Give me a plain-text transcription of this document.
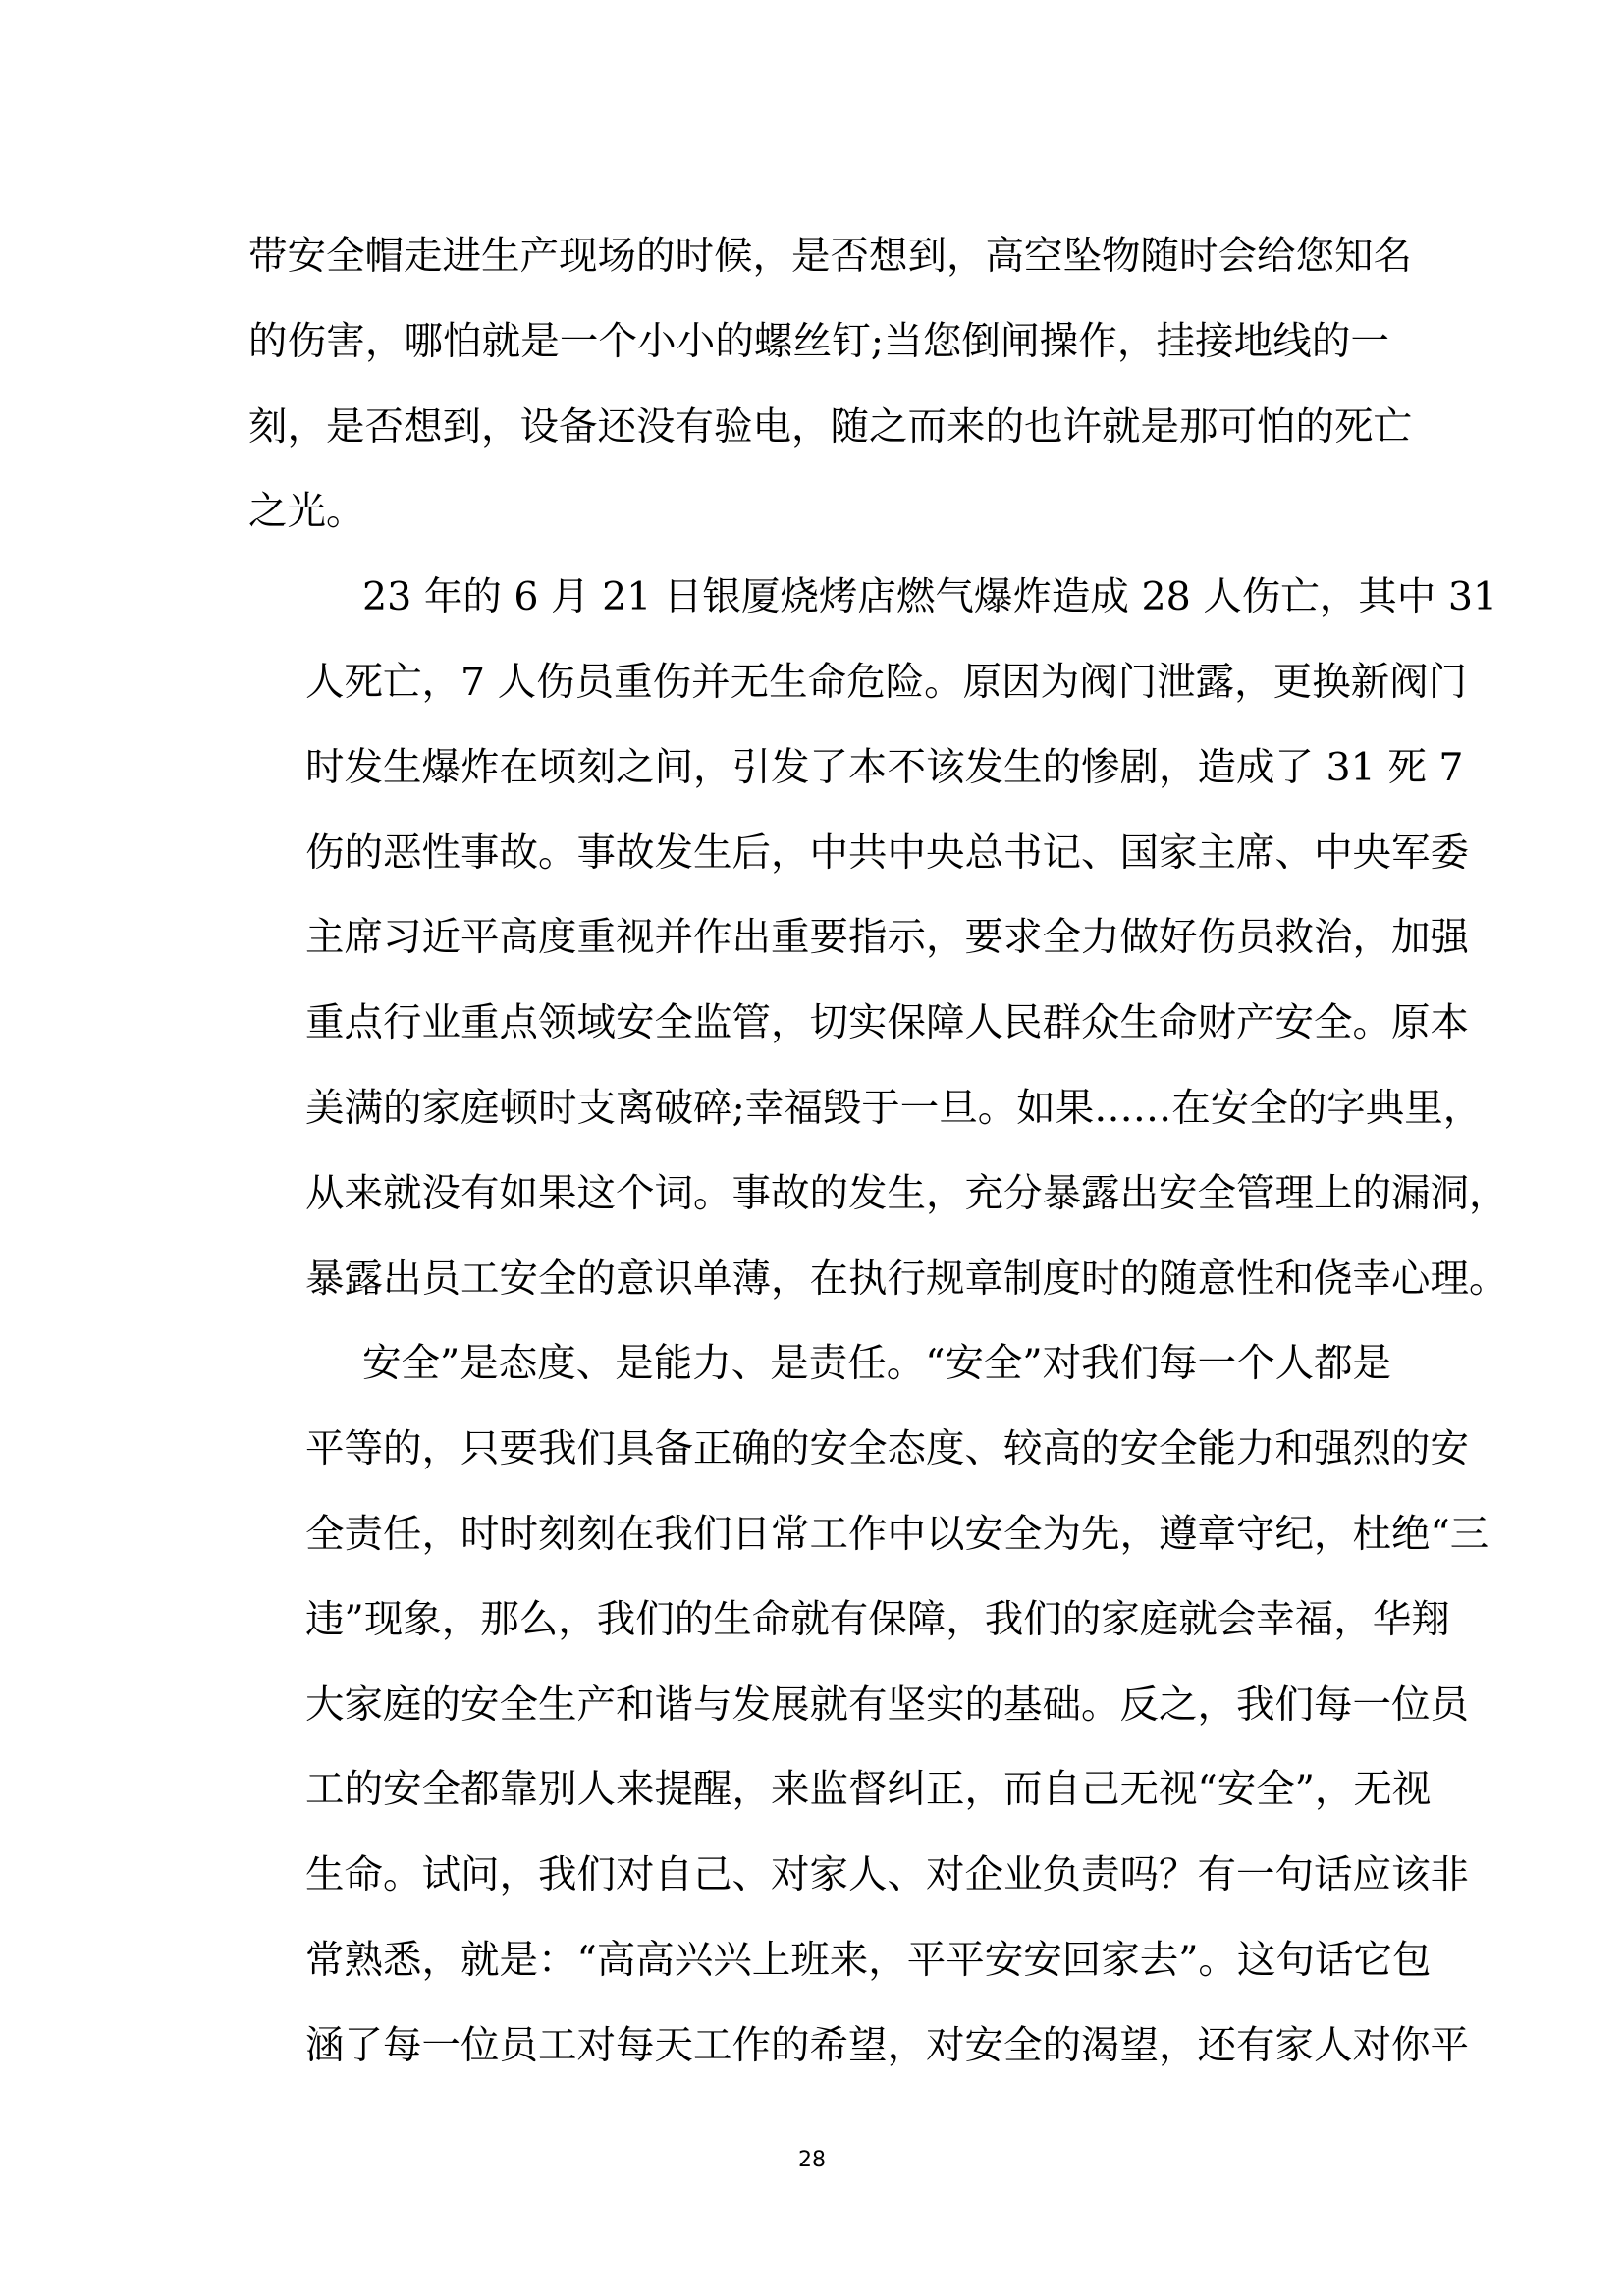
带安全帽走进生产现场的时候，是否想到，高空坠物随时会给您知名
的伤害，哪怕就是一个小小的螺丝钉;当您倒闸操作，挂接地线的一
刻，是否想到，设备还没有验电，随之而来的也许就是那可怕的死亡
之光。
23 年的 6 月 21 日银厦烧烤店燃气爆炸造成 28 人伤亡，其中 31
人死亡，7 人伤员重伤并无生命危险。原因为阀门泄露，更换新阀门
时发生爆炸在顷刻之间，引发了本不该发生的惨剧，造成了 31 死 7
伤的恶性事故。事故发生后，中共中央总书记、国家主席、中央军委
主席习近平高度重视并作出重要指示，要求全力做好伤员救治，加强
重点行业重点领域安全监管，切实保障人民群众生命财产安全。原本
美满的家庭顿时支离破碎;幸福毁于一旦。如果……在安全的字典里，
从来就没有如果这个词。事故的发生，充分暴露出安全管理上的漏洞，
暴露出员工安全的意识单薄，在执行规章制度时的随意性和侥幸心理。
安全”是态度、是能力、是责任。“安全”对我们每一个人都是
平等的，只要我们具备正确的安全态度、较高的安全能力和强烈的安
全责任，时时刻刻在我们日常工作中以安全为先，遵章守纪，杜绝“三
违”现象，那么，我们的生命就有保障，我们的家庭就会幸福，华翔
大家庭的安全生产和谐与发展就有坚实的基础。反之，我们每一位员
工的安全都靠别人来提醒，来监督纠正，而自己无视“安全”，无视
生命。试问，我们对自己、对家人、对企业负责吗？有一句话应该非
常熟悉，就是：“高高兴兴上班来，平平安安回家去”。这句话它包
涵了每一位员工对每天工作的希望，对安全的渴望，还有家人对你平
28
